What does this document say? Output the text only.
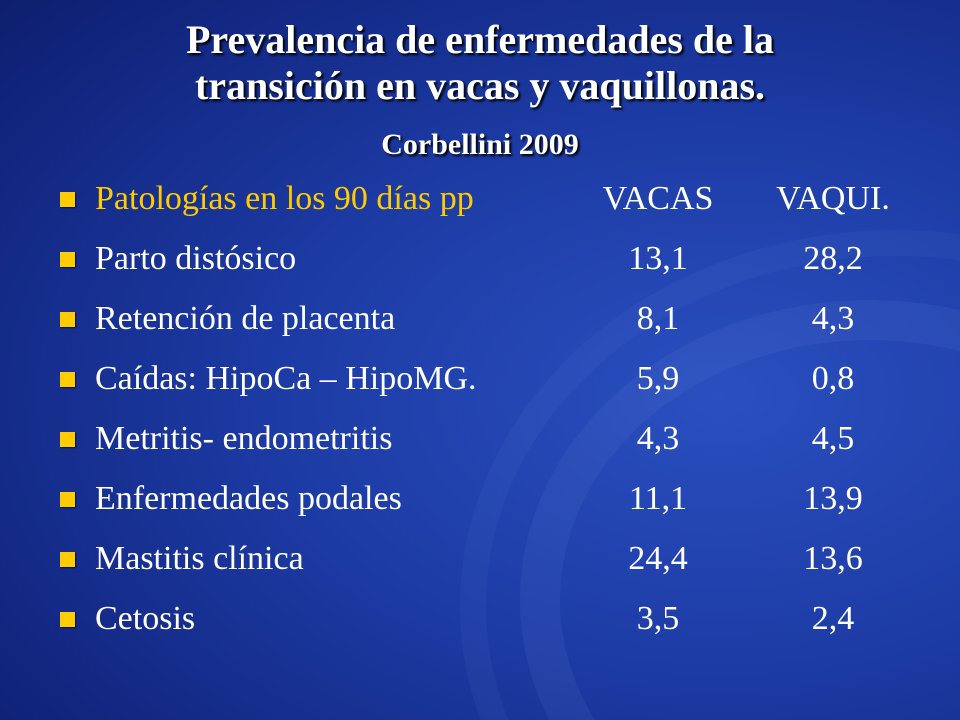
Prevalencia de enfermedades de la
transición en vacas y vaquillonas.
Corbellini 2009
Patologías en los 90 días pp	VACAS	VAQUI.
Parto distósico	13,1	28,2
Retención de placenta	8,1	4,3
Caídas: HipoCa – HipoMG.	5,9	0,8
Metritis- endometritis	4,3	4,5
Enfermedades podales	11,1	13,9
Mastitis clínica	24,4	13,6
Cetosis	3,5	2,4
